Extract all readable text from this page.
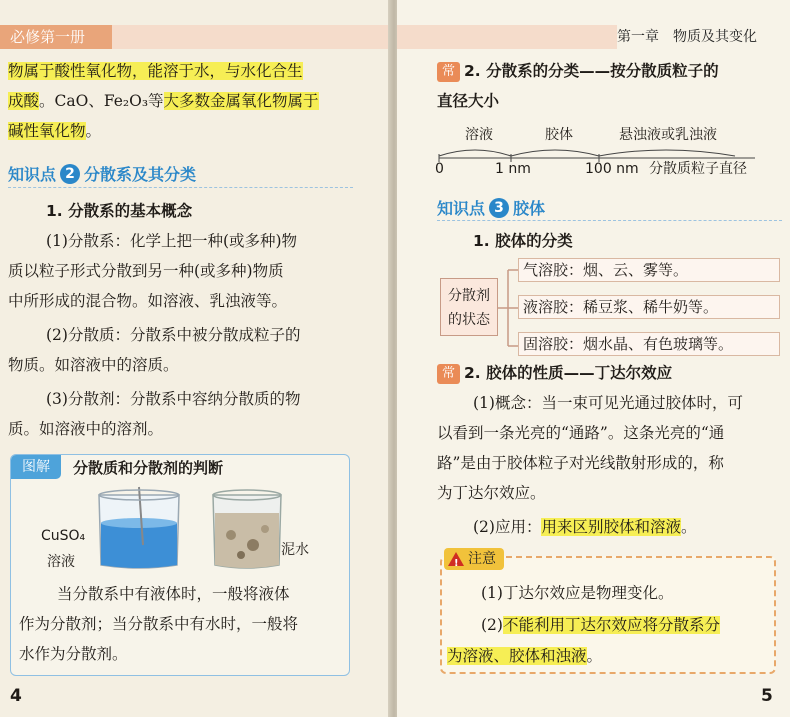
必修第一册
物属于酸性氧化物，能溶于水，与水化合生
成酸。CaO、Fe₂O₃等大多数金属氧化物属于
碱性氧化物。
知识点 2 分散系及其分类
1. 分散系的基本概念
(1)分散系：化学上把一种(或多种)物
质以粒子形式分散到另一种(或多种)物质
中所形成的混合物。如溶液、乳浊液等。
(2)分散质：分散系中被分散成粒子的
物质。如溶液中的溶质。
(3)分散剂：分散系中容纳分散质的物
质。如溶液中的溶剂。
图解	分散质和分散剂的判断
CuSO₄
溶液
泥水
当分散系中有液体时，一般将液体
作为分散剂；当分散系中有水时，一般将
水作为分散剂。
4
第一章　物质及其变化
常 2. 分散系的分类——按分散质粒子的
直径大小
溶液	胶体	悬浊液或乳浊液
0	1 nm	100 nm 分散质粒子直径
知识点 3 胶体
1. 胶体的分类
分散剂
的状态
气溶胶：烟、云、雾等。
液溶胶：稀豆浆、稀牛奶等。
固溶胶：烟水晶、有色玻璃等。
常 2. 胶体的性质——丁达尔效应
(1)概念：当一束可见光通过胶体时，可
以看到一条光亮的“通路”。这条光亮的“通
路”是由于胶体粒子对光线散射形成的，称
为丁达尔效应。
(2)应用：用来区别胶体和溶液。
!
注意
(1)丁达尔效应是物理变化。
(2)不能利用丁达尔效应将分散系分
为溶液、胶体和浊液。
5
